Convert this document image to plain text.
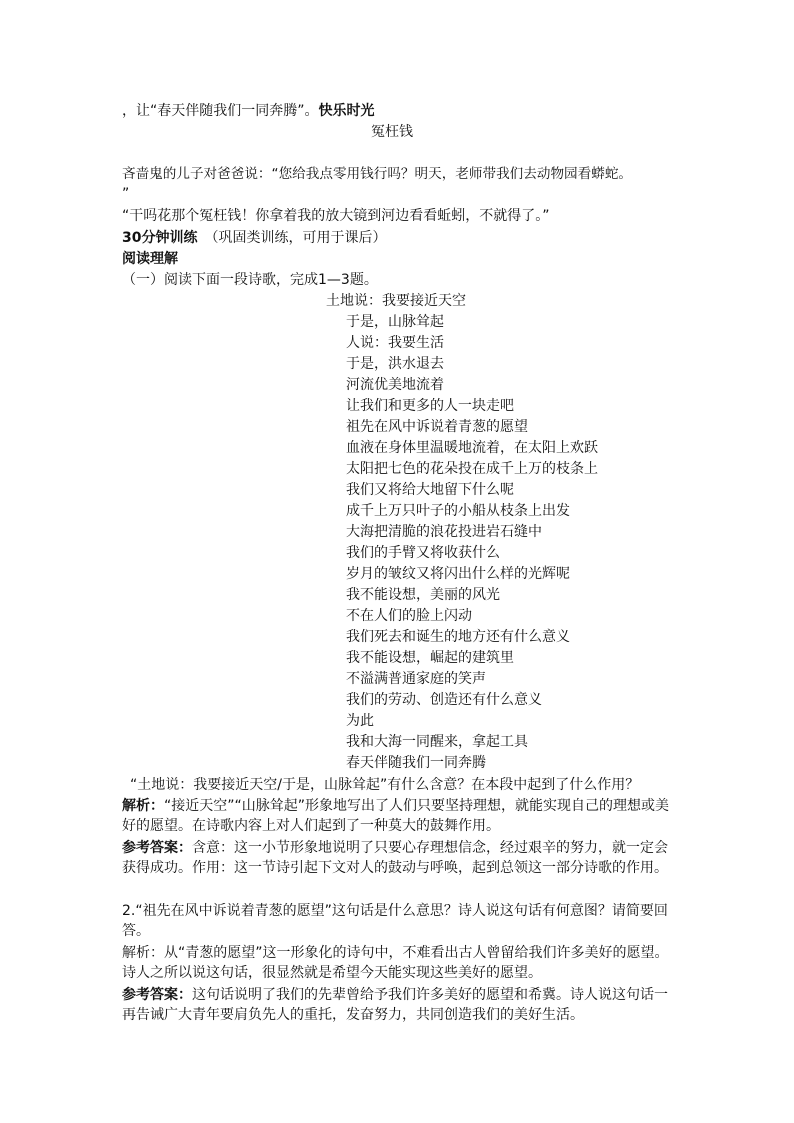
，让“春天伴随我们一同奔腾”。快乐时光
冤枉钱
吝啬鬼的儿子对爸爸说：“您给我点零用钱行吗？明天，老师带我们去动物园看蟒蛇。
”
“干吗花那个冤枉钱！你拿着我的放大镜到河边看看蚯蚓，不就得了。”
30分钟训练　（巩固类训练，可用于课后）
阅读理解
（一）阅读下面一段诗歌，完成1—3题。
土地说：我要接近天空
于是，山脉耸起
人说：我要生活
于是，洪水退去
河流优美地流着
让我们和更多的人一块走吧
祖先在风中诉说着青葱的愿望
血液在身体里温暖地流着，在太阳上欢跃
太阳把七色的花朵投在成千上万的枝条上
我们又将给大地留下什么呢
成千上万只叶子的小船从枝条上出发
大海把清脆的浪花投进岩石缝中
我们的手臂又将收获什么
岁月的皱纹又将闪出什么样的光辉呢
我不能设想，美丽的风光
不在人们的脸上闪动
我们死去和诞生的地方还有什么意义
我不能设想，崛起的建筑里
不溢满普通家庭的笑声
我们的劳动、创造还有什么意义
为此
我和大海一同醒来，拿起工具
春天伴随我们一同奔腾
“土地说：我要接近天空/于是，山脉耸起”有什么含意？在本段中起到了什么作用？
解析：“接近天空”“山脉耸起”形象地写出了人们只要坚持理想，就能实现自己的理想或美好的愿望。在诗歌内容上对人们起到了一种莫大的鼓舞作用。
参考答案：含意：这一小节形象地说明了只要心存理想信念，经过艰辛的努力，就一定会获得成功。作用：这一节诗引起下文对人的鼓动与呼唤，起到总领这一部分诗歌的作用。
2.“祖先在风中诉说着青葱的愿望”这句话是什么意思？诗人说这句话有何意图？请简要回答。
解析：从“青葱的愿望”这一形象化的诗句中，不难看出古人曾留给我们许多美好的愿望。诗人之所以说这句话，很显然就是希望今天能实现这些美好的愿望。
参考答案：这句话说明了我们的先辈曾给予我们许多美好的愿望和希冀。诗人说这句话一再告诫广大青年要肩负先人的重托，发奋努力，共同创造我们的美好生活。
